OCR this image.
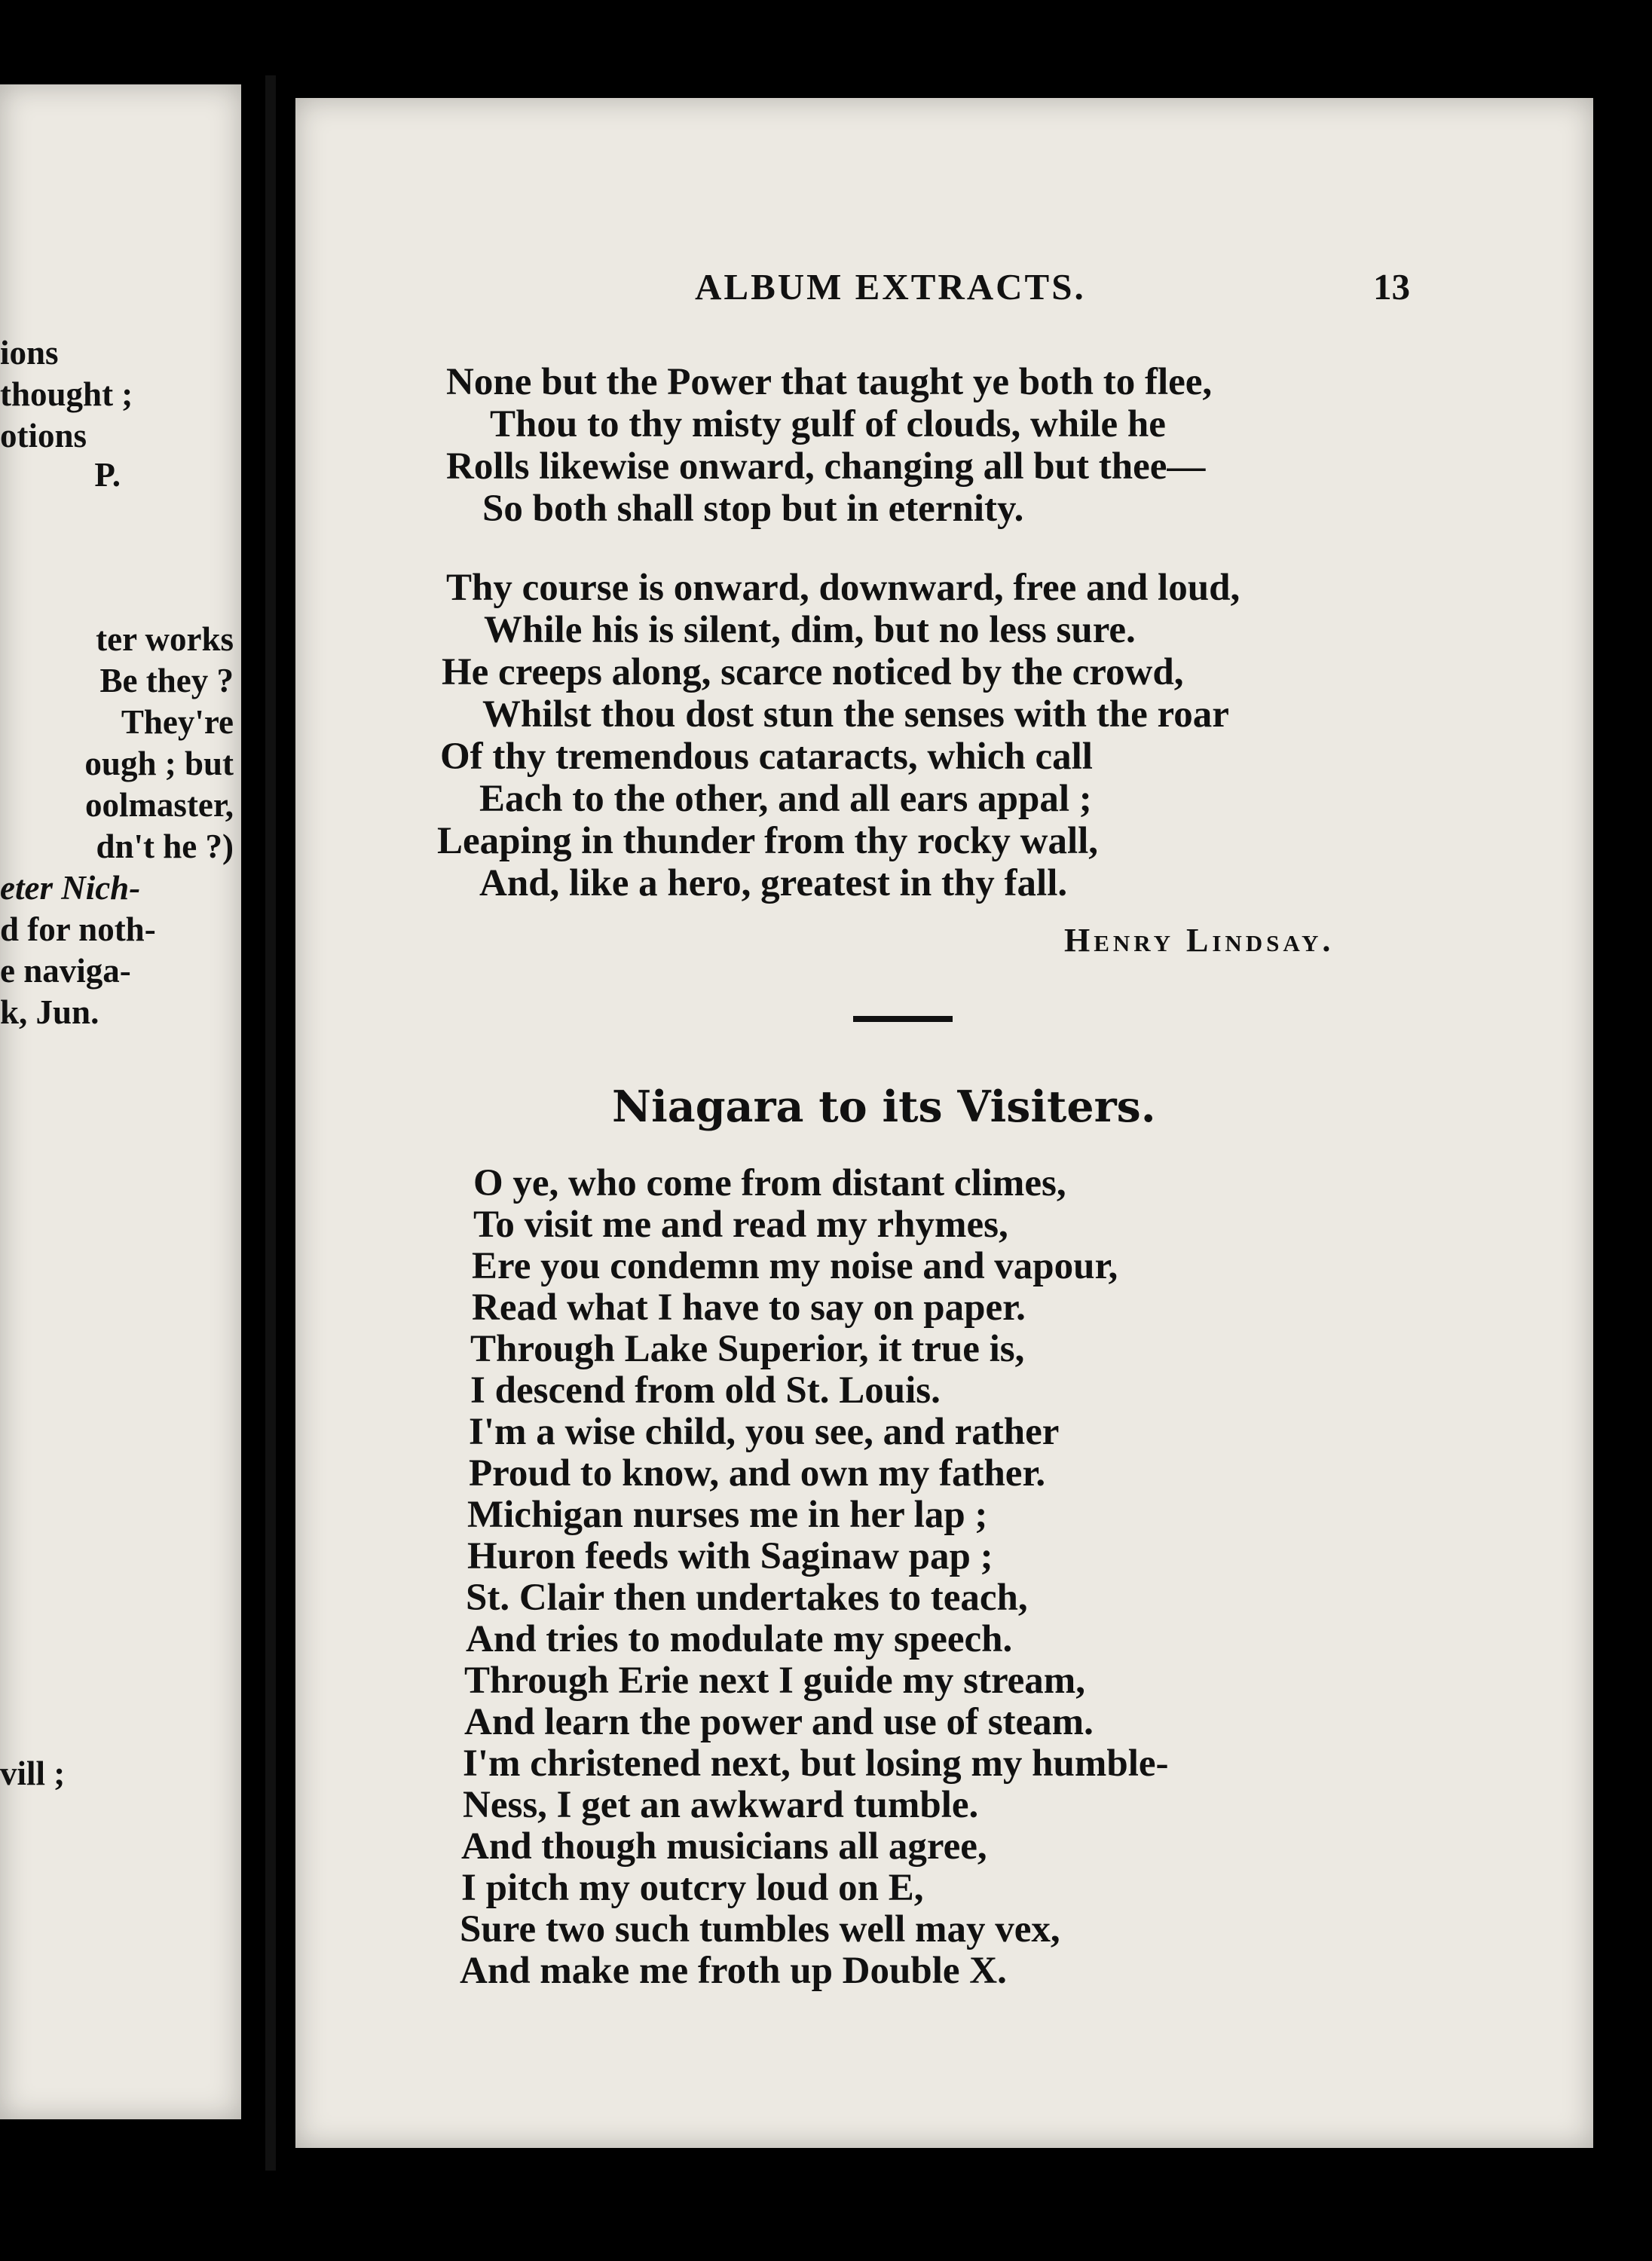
ions
thought ;
otions
P.
ter works
Be they ?
They're
ough ; but
oolmaster,
dn't he ?)
eter Nich-
d for noth-
e naviga-
k, Jun.
vill ;
ALBUM EXTRACTS.	13
None but the Power that taught ye both to flee,
Thou to thy misty gulf of clouds, while he
Rolls likewise onward, changing all but thee—
So both shall stop but in eternity.
Thy course is onward, downward, free and loud,
While his is silent, dim, but no less sure.
He creeps along, scarce noticed by the crowd,
Whilst thou dost stun the senses with the roar
Of thy tremendous cataracts, which call
Each to the other, and all ears appal ;
Leaping in thunder from thy rocky wall,
And, like a hero, greatest in thy fall.
Henry Lindsay.
Niagara to its Visiters.
O ye, who come from distant climes,
To visit me and read my rhymes,
Ere you condemn my noise and vapour,
Read what I have to say on paper.
Through Lake Superior, it true is,
I descend from old St. Louis.
I'm a wise child, you see, and rather
Proud to know, and own my father.
Michigan nurses me in her lap ;
Huron feeds with Saginaw pap ;
St. Clair then undertakes to teach,
And tries to modulate my speech.
Through Erie next I guide my stream,
And learn the power and use of steam.
I'm christened next, but losing my humble-
Ness, I get an awkward tumble.
And though musicians all agree,
I pitch my outcry loud on E,
Sure two such tumbles well may vex,
And make me froth up Double X.
